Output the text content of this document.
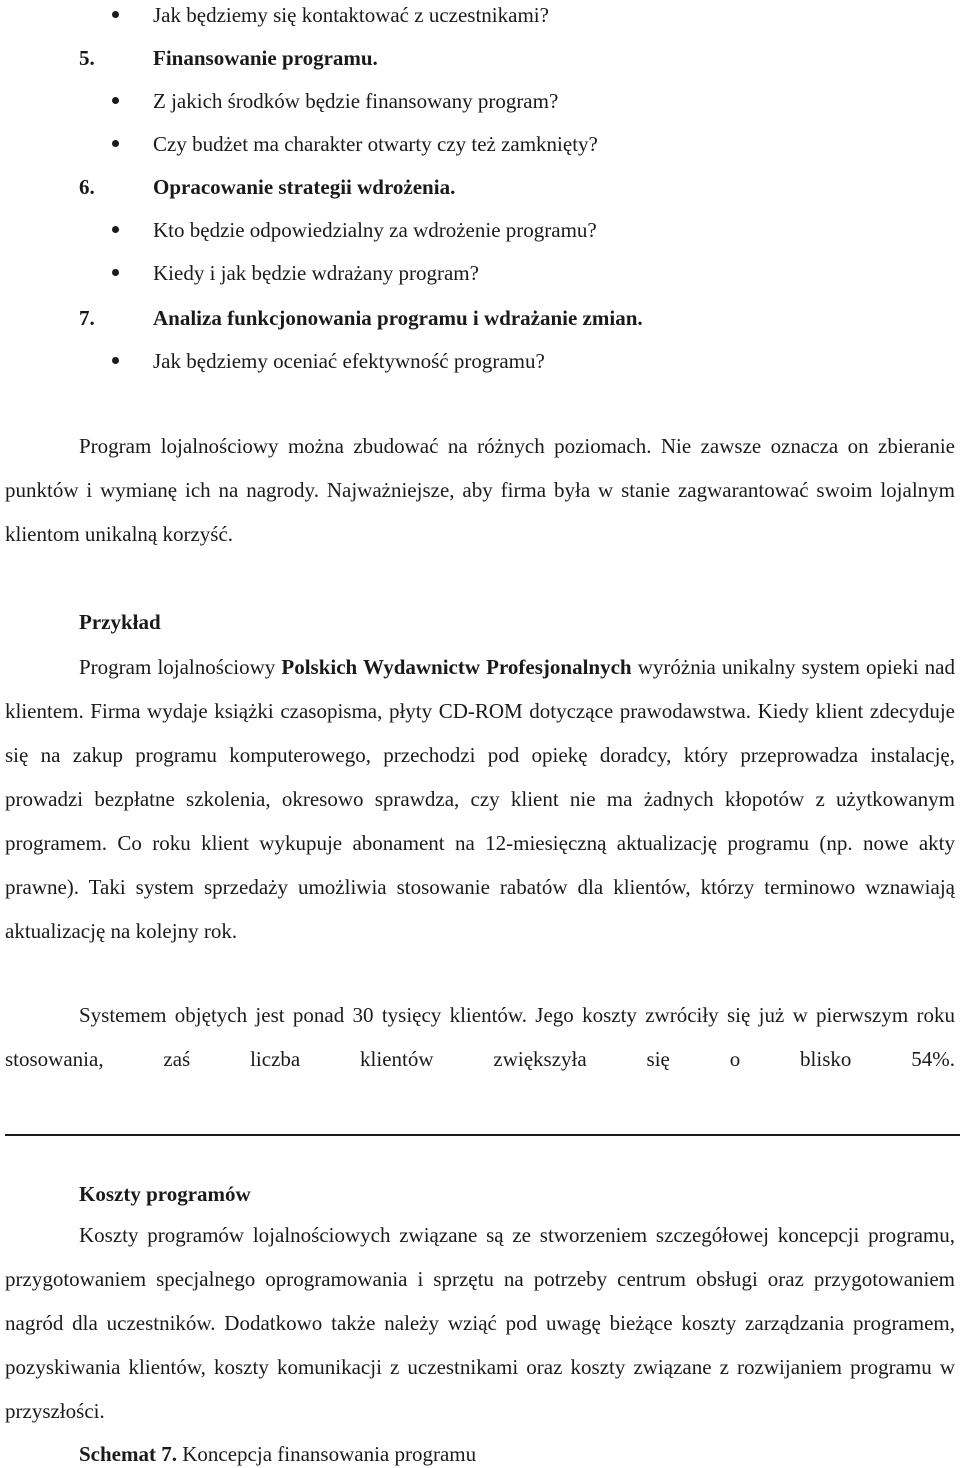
Jak będziemy się kontaktować z uczestnikami?
5.	Finansowanie programu.
Z jakich środków będzie finansowany program?
Czy budżet ma charakter otwarty czy też zamknięty?
6.	Opracowanie strategii wdrożenia.
Kto będzie odpowiedzialny za wdrożenie programu?
Kiedy i jak będzie wdrażany program?
7.	Analiza funkcjonowania programu i wdrażanie zmian.
Jak będziemy oceniać efektywność programu?
Program lojalnościowy można zbudować na różnych poziomach. Nie zawsze oznacza on zbieranie punktów i wymianę ich na nagrody. Najważniejsze, aby firma była w stanie zagwarantować swoim lojalnym klientom unikalną korzyść.
Przykład
Program lojalnościowy Polskich Wydawnictw Profesjonalnych wyróżnia unikalny system opieki nad klientem. Firma wydaje książki czasopisma, płyty CD-ROM dotyczące prawodawstwa. Kiedy klient zdecyduje się na zakup programu komputerowego, przechodzi pod opiekę doradcy, który przeprowadza instalację, prowadzi bezpłatne szkolenia, okresowo sprawdza, czy klient nie ma żadnych kłopotów z użytkowanym programem. Co roku klient wykupuje abonament na 12-miesięczną aktualizację programu (np. nowe akty prawne). Taki system sprzedaży umożliwia stosowanie rabatów dla klientów, którzy terminowo wznawiają aktualizację na kolejny rok.
Systemem objętych jest ponad 30 tysięcy klientów. Jego koszty zwróciły się już w pierwszym roku stosowania, zaś liczba klientów zwiększyła się o blisko 54%.
Koszty programów
Koszty programów lojalnościowych związane są ze stworzeniem szczegółowej koncepcji programu, przygotowaniem specjalnego oprogramowania i sprzętu na potrzeby centrum obsługi oraz przygotowaniem nagród dla uczestników. Dodatkowo także należy wziąć pod uwagę bieżące koszty zarządzania programem, pozyskiwania klientów, koszty komunikacji z uczestnikami oraz koszty związane z rozwijaniem programu w przyszłości.
Schemat 7. Koncepcja finansowania programu
